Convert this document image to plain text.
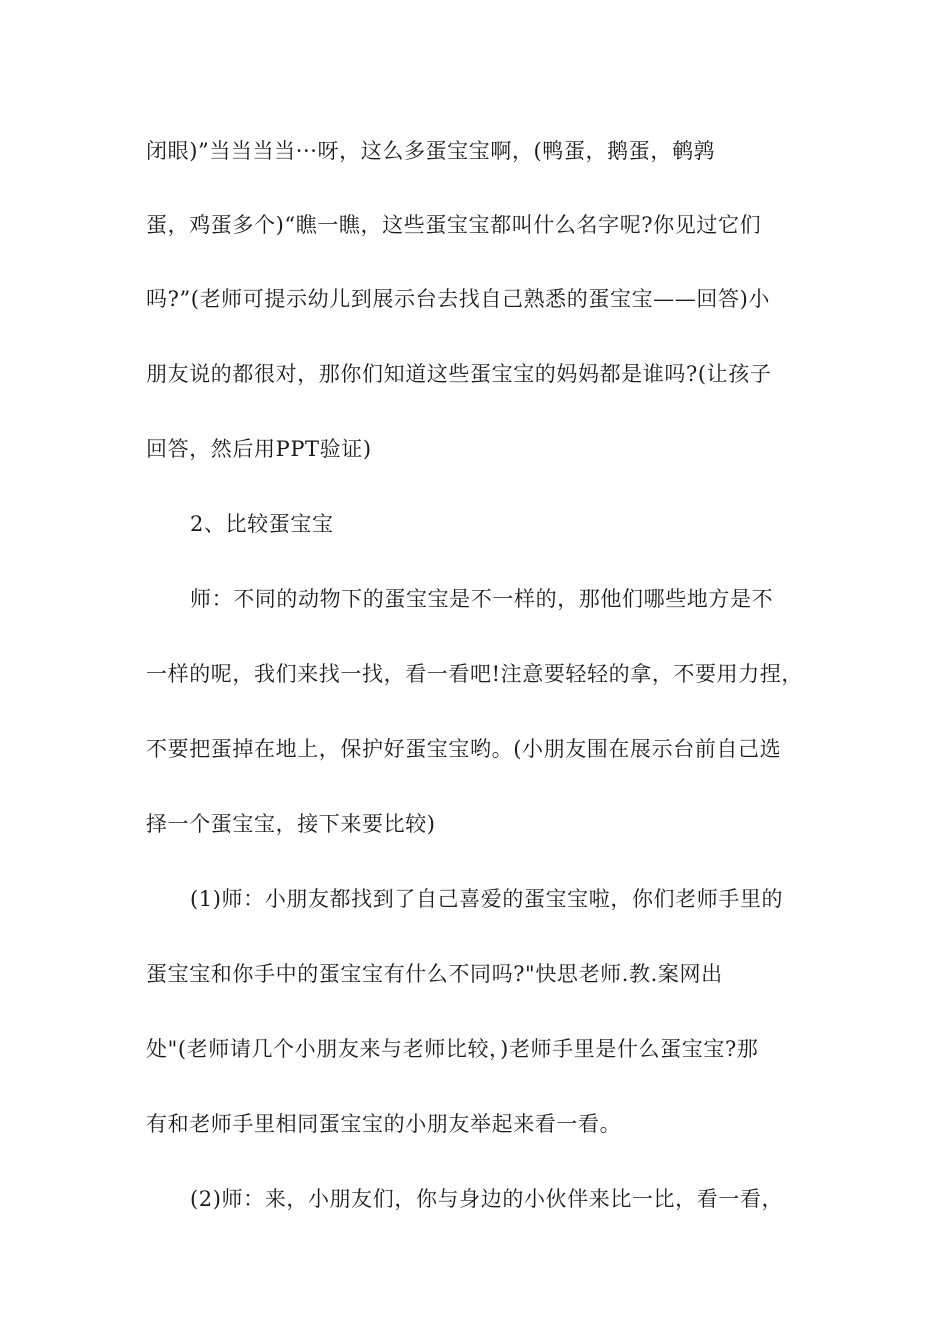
闭眼)”当当当当···呀，这么多蛋宝宝啊，(鸭蛋，鹅蛋，鹌鹑
蛋，鸡蛋多个)“瞧一瞧，这些蛋宝宝都叫什么名字呢?你见过它们
吗?”(老师可提示幼儿到展示台去找自己熟悉的蛋宝宝——回答)小
朋友说的都很对，那你们知道这些蛋宝宝的妈妈都是谁吗?(让孩子
回答，然后用PPT验证)
2、比较蛋宝宝
师：不同的动物下的蛋宝宝是不一样的，那他们哪些地方是不
一样的呢，我们来找一找，看一看吧!注意要轻轻的拿，不要用力捏，
不要把蛋掉在地上，保护好蛋宝宝哟。(小朋友围在展示台前自己选
择一个蛋宝宝，接下来要比较)
(1)师：小朋友都找到了自己喜爱的蛋宝宝啦，你们老师手里的
蛋宝宝和你手中的蛋宝宝有什么不同吗?"快思老师.教.案网出
处"(老师请几个小朋友来与老师比较，)老师手里是什么蛋宝宝?那
有和老师手里相同蛋宝宝的小朋友举起来看一看。
(2)师：来，小朋友们，你与身边的小伙伴来比一比，看一看，
